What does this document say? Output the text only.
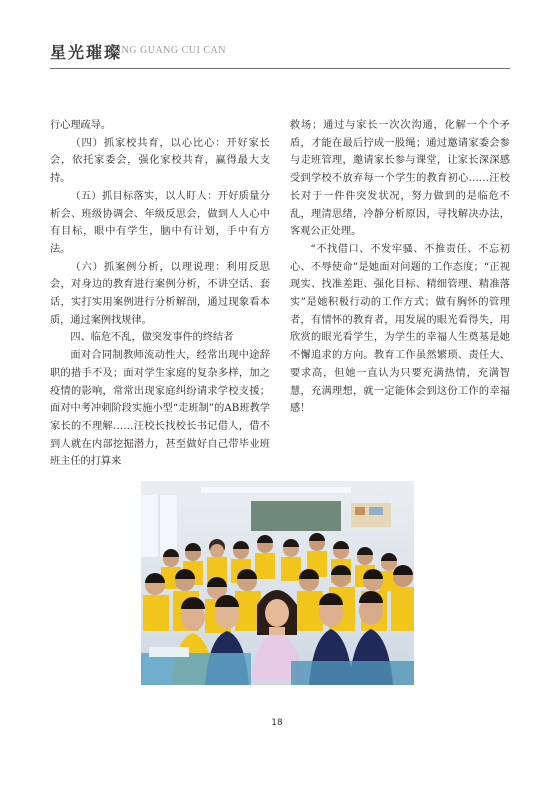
星光璀璨
XING GUANG CUI CAN

行心理疏导。

（四）抓家校共育，以心比心：开好家长会，依托家委会，强化家校共育，赢得最大支持。

（五）抓目标落实，以人盯人：开好质量分析会、班级协调会、年级反思会，做到人人心中有目标，眼中有学生，脑中有计划，手中有方法。

（六）抓案例分析，以理说理：利用反思会，对身边的教育进行案例分析，不讲空话、套话，实打实用案例进行分析解剖，通过现象看本质，通过案例找规律。

四、临危不乱，做突发事件的终结者

面对合同制教师流动性大，经常出现中途辞职的措手不及；面对学生家庭的复杂多样，加之疫情的影响，常常出现家庭纠纷请求学校支援；面对中考冲刺阶段实施小型“走班制”的AB班教学家长的不理解……汪校长找校长书记借人，借不到人就在内部挖掘潜力，甚至做好自己带毕业班班主任的打算来

救场；通过与家长一次次沟通，化解一个个矛盾，才能在最后拧成一股绳；通过邀请家委会参与走班管理，邀请家长参与课堂，让家长深深感受到学校不放弃每一个学生的教育初心……汪校长对于一件件突发状况，努力做到的是临危不乱，理清思绪，冷静分析原因，寻找解决办法，客观公正处理。

“不找借口、不发牢骚、不推责任、不忘初心、不辱使命”是她面对问题的工作态度；“正视现实、找准差距、强化目标、精细管理、精准落实”是她积极行动的工作方式；做有胸怀的管理者，有情怀的教育者，用发展的眼光看得失，用欣赏的眼光看学生，为学生的幸福人生奠基是她不懈追求的方向。教育工作虽然繁琐、责任大、要求高，但她一直认为只要充满热情，充满智慧，充满理想，就一定能体会到这份工作的幸福感！

18
